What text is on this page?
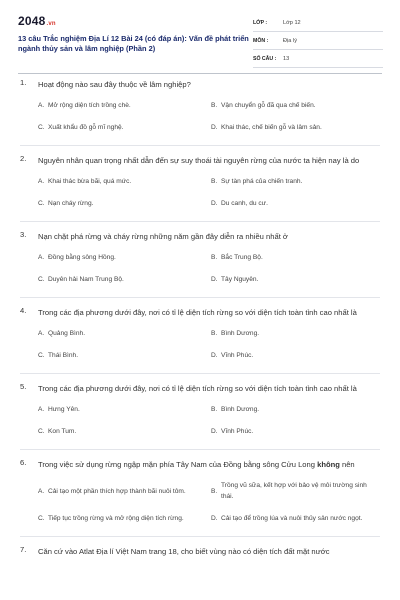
2048.vn
13 câu Trắc nghiệm Địa Lí 12 Bài 24 (có đáp án): Vấn đề phát triển ngành thủy sản và lâm nghiệp (Phần 2)
LỚP :	Lớp 12
MÔN :	Địa lý
SỐ CÂU :	13
1. Hoạt động nào sau đây thuộc về lâm nghiệp?
A. Mở rộng diện tích trồng chè.	B. Vận chuyển gỗ đã qua chế biến.
C. Xuất khẩu đồ gỗ mĩ nghệ.	D. Khai thác, chế biến gỗ và lâm sản.
2. Nguyên nhân quan trọng nhất dẫn đến sự suy thoái tài nguyên rừng của nước ta hiện nay là do
A. Khai thác bừa bãi, quá mức.	B. Sự tàn phá của chiến tranh.
C. Nạn cháy rừng.	D. Du canh, du cư.
3. Nạn chặt phá rừng và cháy rừng những năm gần đây diễn ra nhiều nhất ở
A. Đồng bằng sông Hồng.	B. Bắc Trung Bộ.
C. Duyên hải Nam Trung Bộ.	D. Tây Nguyên.
4. Trong các địa phương dưới đây, nơi có tỉ lệ diện tích rừng so với diện tích toàn tỉnh cao nhất là
A. Quảng Bình.	B. Bình Dương.
C. Thái Bình.	D. Vĩnh Phúc.
5. Trong các địa phương dưới đây, nơi có tỉ lệ diện tích rừng so với diện tích toàn tỉnh cao nhất là
A. Hưng Yên.	B. Bình Dương.
C. Kon Tum.	D. Vĩnh Phúc.
6. Trong việc sử dụng rừng ngập mặn phía Tây Nam của Đồng bằng sông Cửu Long không nên
A. Cải tạo một phần thích hợp thành bãi nuôi tôm.	B.
Trồng vũ sữa, kết hợp với bảo vệ môi trường sinh thái.
C. Tiếp tục trồng rừng và mở rộng diện tích rừng.	D. Cải tạo để trồng lúa và nuôi thủy sản nước ngọt.
7. Căn cứ vào Atlat Địa lí Việt Nam trang 18, cho biết vùng nào có diện tích đất mặt nước
